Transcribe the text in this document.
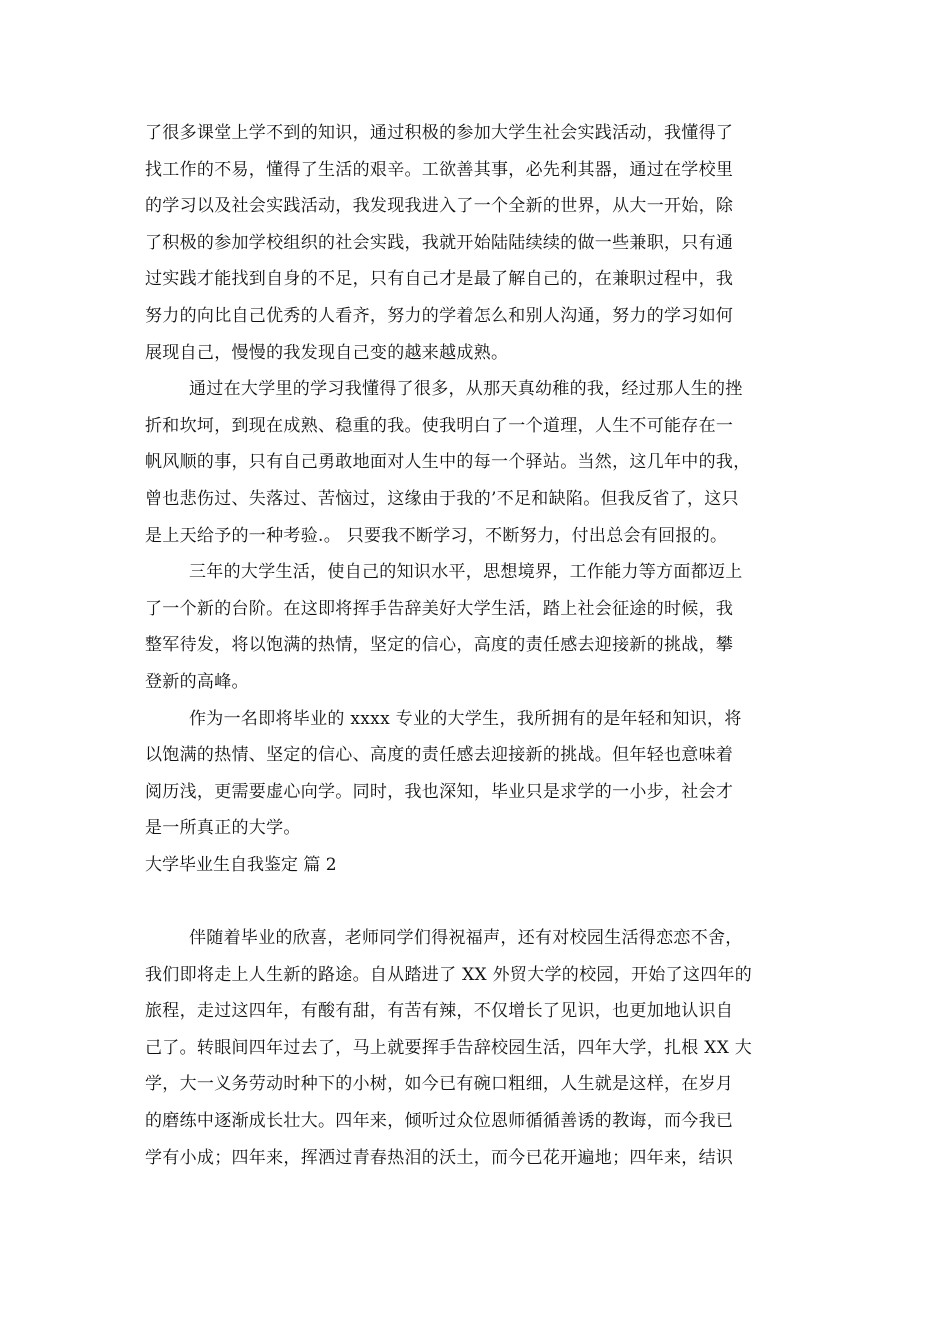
了很多课堂上学不到的知识，通过积极的参加大学生社会实践活动，我懂得了
找工作的不易，懂得了生活的艰辛。工欲善其事，必先利其器，通过在学校里
的学习以及社会实践活动，我发现我进入了一个全新的世界，从大一开始，除
了积极的参加学校组织的社会实践，我就开始陆陆续续的做一些兼职，只有通
过实践才能找到自身的不足，只有自己才是最了解自己的，在兼职过程中，我
努力的向比自己优秀的人看齐，努力的学着怎么和别人沟通，努力的学习如何
展现自己，慢慢的我发现自己变的越来越成熟。

通过在大学里的学习我懂得了很多，从那天真幼稚的我，经过那人生的挫
折和坎坷，到现在成熟、稳重的我。使我明白了一个道理，人生不可能存在一
帆风顺的事，只有自己勇敢地面对人生中的每一个驿站。当然，这几年中的我，
曾也悲伤过、失落过、苦恼过，这缘由于我的’不足和缺陷。但我反省了，这只
是上天给予的一种考验.。 只要我不断学习，不断努力，付出总会有回报的。

三年的大学生活，使自己的知识水平，思想境界，工作能力等方面都迈上
了一个新的台阶。在这即将挥手告辞美好大学生活，踏上社会征途的时候，我
整军待发，将以饱满的热情，坚定的信心，高度的责任感去迎接新的挑战，攀
登新的高峰。

作为一名即将毕业的 xxxx 专业的大学生，我所拥有的是年轻和知识，将
以饱满的热情、坚定的信心、高度的责任感去迎接新的挑战。但年轻也意味着
阅历浅，更需要虚心向学。同时，我也深知，毕业只是求学的一小步，社会才
是一所真正的大学。

大学毕业生自我鉴定 篇 2

伴随着毕业的欣喜，老师同学们得祝福声，还有对校园生活得恋恋不舍，
我们即将走上人生新的路途。自从踏进了 XX 外贸大学的校园，开始了这四年的
旅程，走过这四年，有酸有甜，有苦有辣，不仅增长了见识，也更加地认识自
己了。转眼间四年过去了，马上就要挥手告辞校园生活，四年大学，扎根 XX 大
学，大一义务劳动时种下的小树，如今已有碗口粗细，人生就是这样，在岁月
的磨练中逐渐成长壮大。四年来，倾听过众位恩师循循善诱的教诲，而今我已
学有小成；四年来，挥洒过青春热泪的沃土，而今已花开遍地；四年来，结识
